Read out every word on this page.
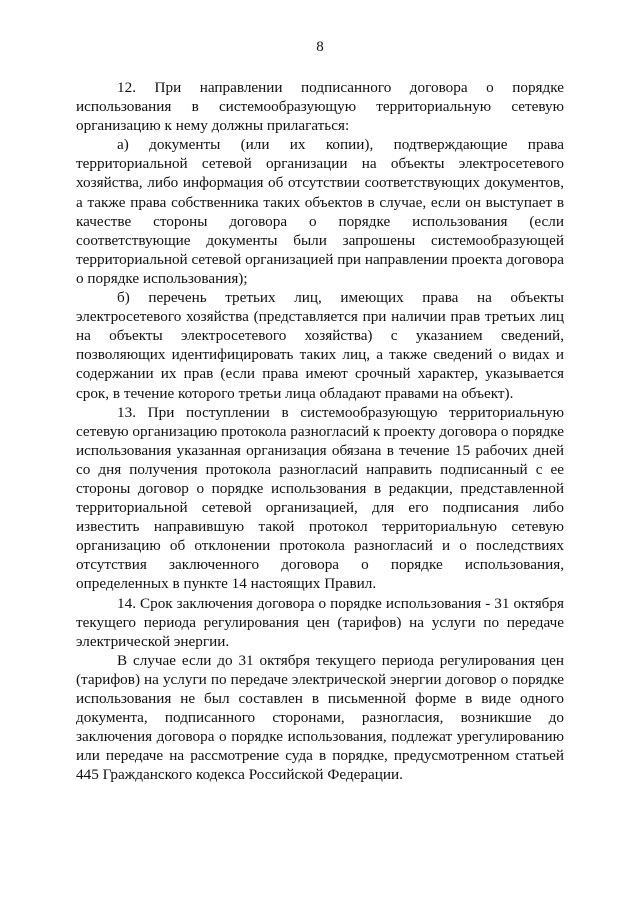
8

12. При направлении подписанного договора о порядке использования в системообразующую территориальную сетевую организацию к нему должны прилагаться:

а) документы (или их копии), подтверждающие права территориальной сетевой организации на объекты электросетевого хозяйства, либо информация об отсутствии соответствующих документов, а также права собственника таких объектов в случае, если он выступает в качестве стороны договора о порядке использования (если соответствующие документы были запрошены системообразующей территориальной сетевой организацией при направлении проекта договора о порядке использования);

б) перечень третьих лиц, имеющих права на объекты электросетевого хозяйства (представляется при наличии прав третьих лиц на объекты электросетевого хозяйства) с указанием сведений, позволяющих идентифицировать таких лиц, а также сведений о видах и содержании их прав (если права имеют срочный характер, указывается срок, в течение которого третьи лица обладают правами на объект).

13. При поступлении в системообразующую территориальную сетевую организацию протокола разногласий к проекту договора о порядке использования указанная организация обязана в течение 15 рабочих дней со дня получения протокола разногласий направить подписанный с ее стороны договор о порядке использования в редакции, представленной территориальной сетевой организацией, для его подписания либо известить направившую такой протокол территориальную сетевую организацию об отклонении протокола разногласий и о последствиях отсутствия заключенного договора о порядке использования, определенных в пункте 14 настоящих Правил.

14. Срок заключения договора о порядке использования - 31 октября текущего периода регулирования цен (тарифов) на услуги по передаче электрической энергии.

В случае если до 31 октября текущего периода регулирования цен (тарифов) на услуги по передаче электрической энергии договор о порядке использования не был составлен в письменной форме в виде одного документа, подписанного сторонами, разногласия, возникшие до заключения договора о порядке использования, подлежат урегулированию или передаче на рассмотрение суда в порядке, предусмотренном статьей 445 Гражданского кодекса Российской Федерации.
